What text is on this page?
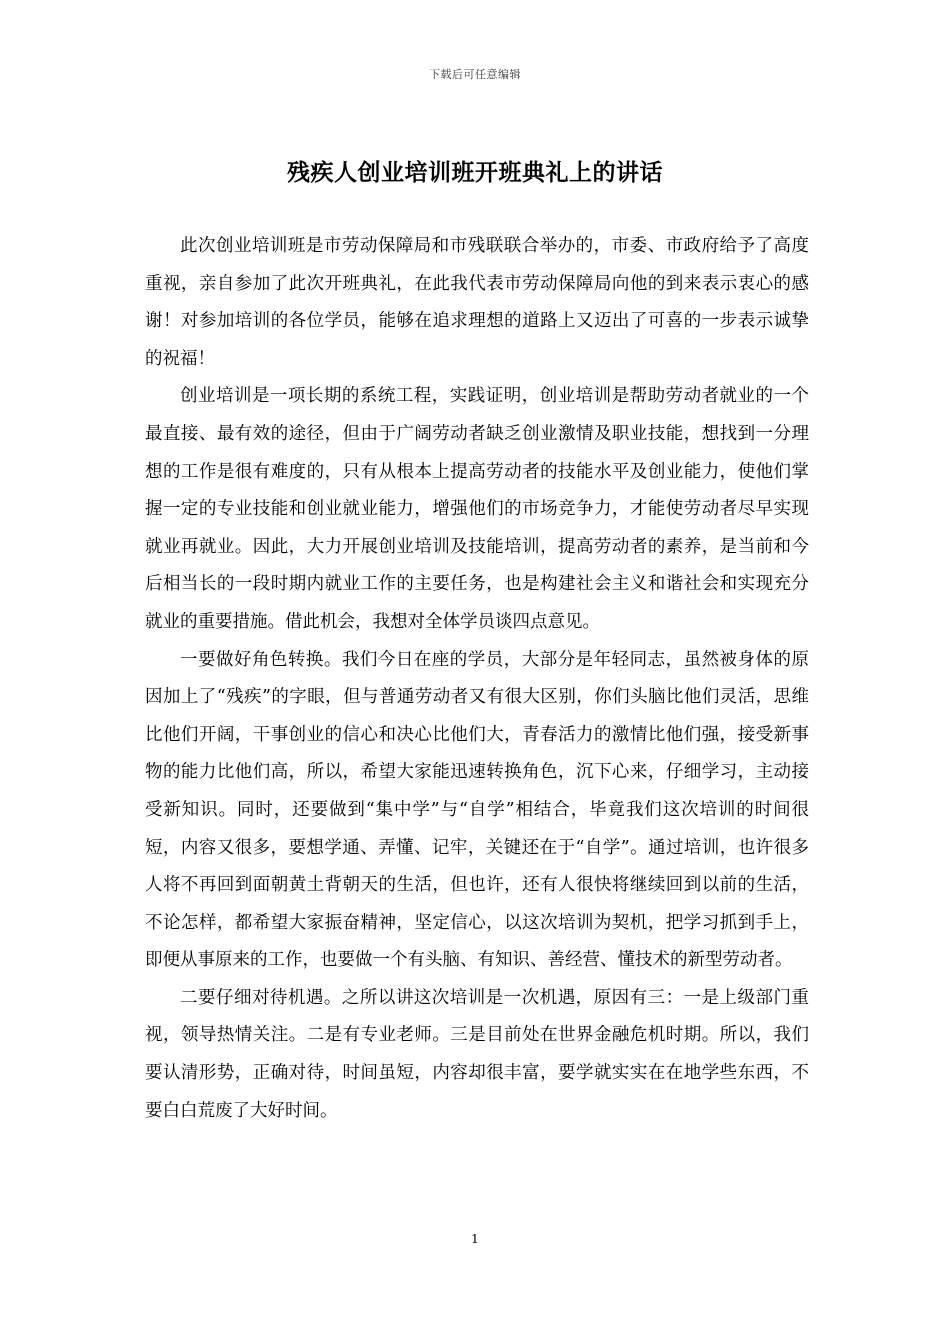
下载后可任意编辑
残疾人创业培训班开班典礼上的讲话

此次创业培训班是市劳动保障局和市残联联合举办的，市委、市政府给予了高度重视，亲自参加了此次开班典礼，在此我代表市劳动保障局向他的到来表示衷心的感谢！对参加培训的各位学员，能够在追求理想的道路上又迈出了可喜的一步表示诚挚的祝福！

创业培训是一项长期的系统工程，实践证明，创业培训是帮助劳动者就业的一个最直接、最有效的途径，但由于广阔劳动者缺乏创业激情及职业技能，想找到一分理想的工作是很有难度的，只有从根本上提高劳动者的技能水平及创业能力，使他们掌握一定的专业技能和创业就业能力，增强他们的市场竞争力，才能使劳动者尽早实现就业再就业。因此，大力开展创业培训及技能培训，提高劳动者的素养，是当前和今后相当长的一段时期内就业工作的主要任务，也是构建社会主义和谐社会和实现充分就业的重要措施。借此机会，我想对全体学员谈四点意见。

一要做好角色转换。我们今日在座的学员，大部分是年轻同志，虽然被身体的原因加上了“残疾”的字眼，但与普通劳动者又有很大区别，你们头脑比他们灵活，思维比他们开阔，干事创业的信心和决心比他们大，青春活力的激情比他们强，接受新事物的能力比他们高，所以，希望大家能迅速转换角色，沉下心来，仔细学习，主动接受新知识。同时，还要做到“集中学”与“自学”相结合，毕竟我们这次培训的时间很短，内容又很多，要想学通、弄懂、记牢，关键还在于“自学”。通过培训，也许很多人将不再回到面朝黄土背朝天的生活，但也许，还有人很快将继续回到以前的生活，不论怎样，都希望大家振奋精神，坚定信心，以这次培训为契机，把学习抓到手上，即便从事原来的工作，也要做一个有头脑、有知识、善经营、懂技术的新型劳动者。

二要仔细对待机遇。之所以讲这次培训是一次机遇，原因有三：一是上级部门重视，领导热情关注。二是有专业老师。三是目前处在世界金融危机时期。所以，我们要认清形势，正确对待，时间虽短，内容却很丰富，要学就实实在在地学些东西，不要白白荒废了大好时间。

1
